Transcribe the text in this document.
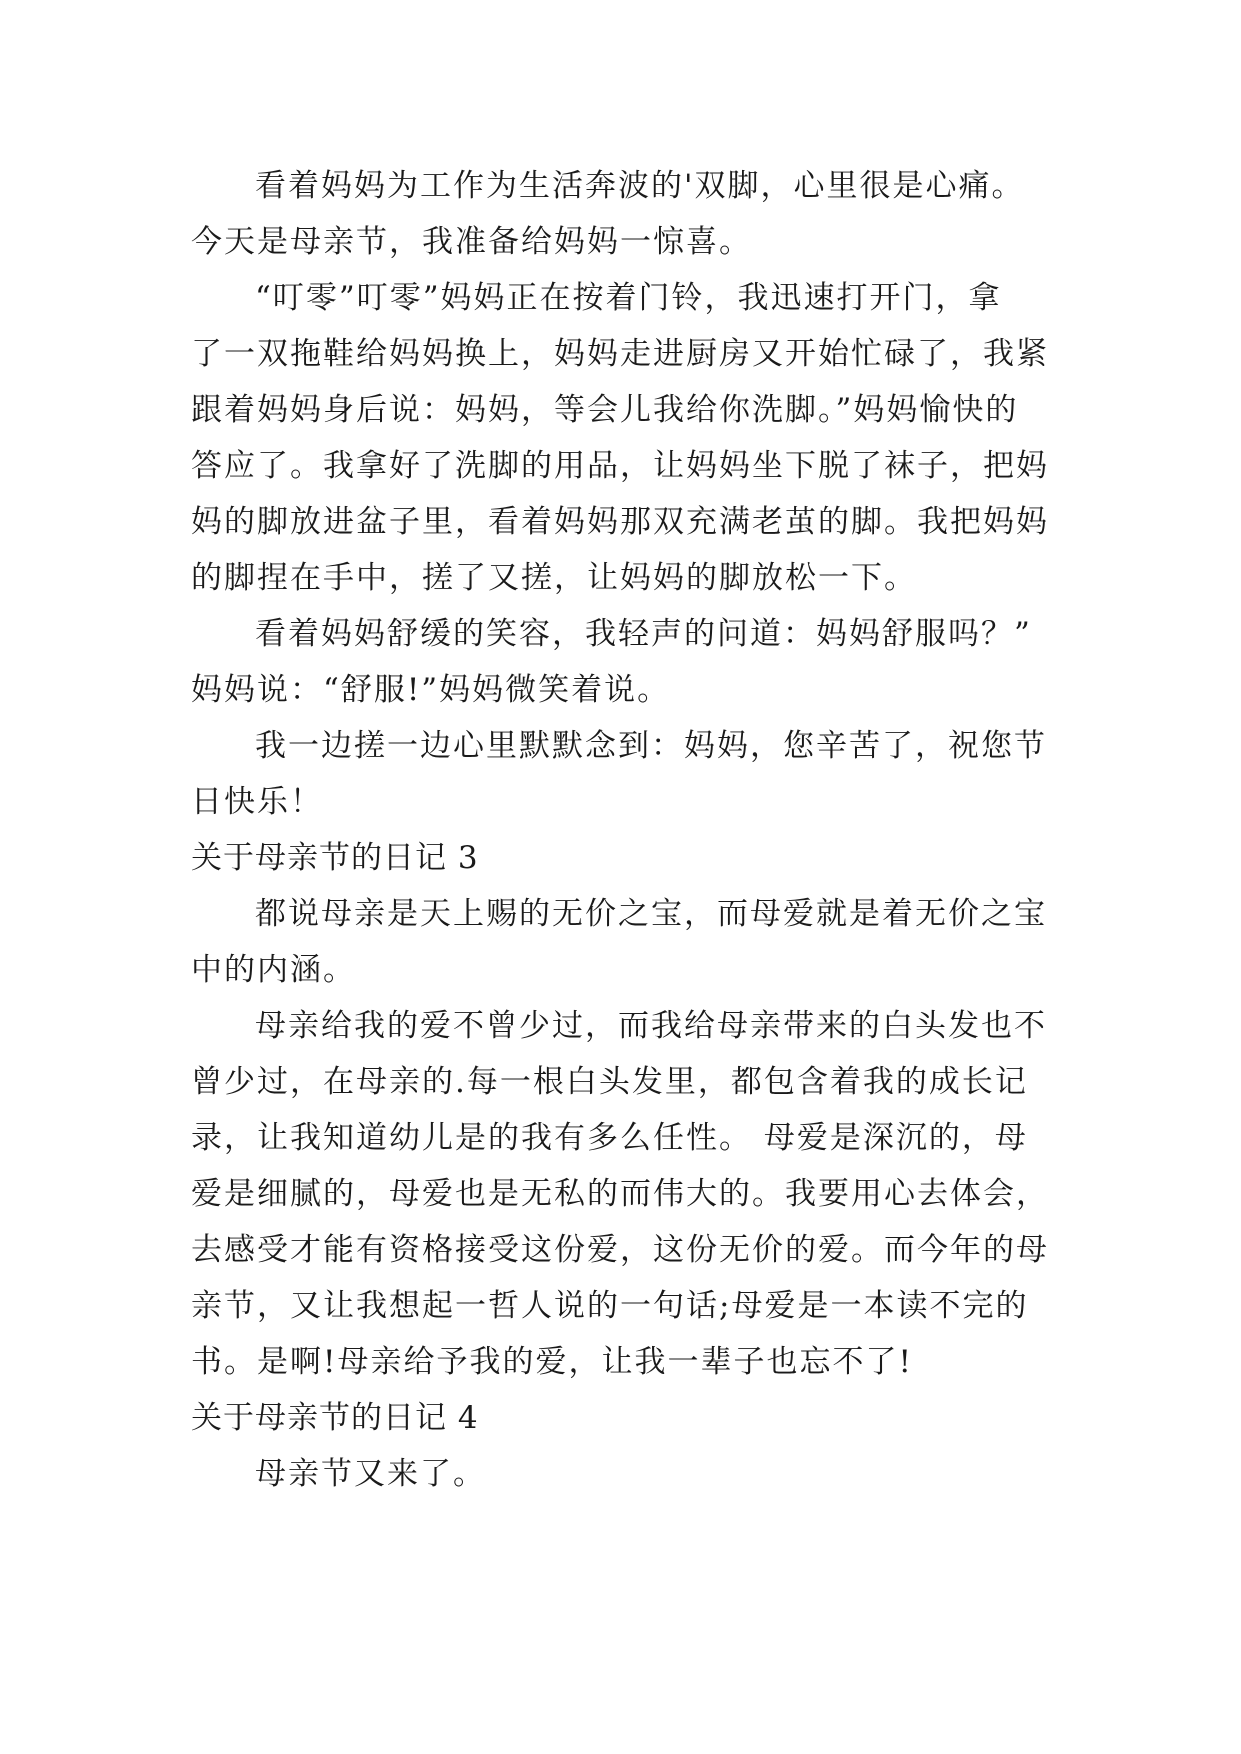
看着妈妈为工作为生活奔波的'双脚，心里很是心痛。
今天是母亲节，我准备给妈妈一惊喜。
“叮零”叮零”妈妈正在按着门铃，我迅速打开门，拿
了一双拖鞋给妈妈换上，妈妈走进厨房又开始忙碌了，我紧
跟着妈妈身后说：妈妈，等会儿我给你洗脚。”妈妈愉快的
答应了。我拿好了洗脚的用品，让妈妈坐下脱了袜子，把妈
妈的脚放进盆子里，看着妈妈那双充满老茧的脚。我把妈妈
的脚捏在手中，搓了又搓，让妈妈的脚放松一下。
看着妈妈舒缓的笑容，我轻声的问道：妈妈舒服吗？”
妈妈说：“舒服!”妈妈微笑着说。
我一边搓一边心里默默念到：妈妈，您辛苦了，祝您节
日快乐！
关于母亲节的日记 3
都说母亲是天上赐的无价之宝，而母爱就是着无价之宝
中的内涵。
母亲给我的爱不曾少过，而我给母亲带来的白头发也不
曾少过，在母亲的.每一根白头发里，都包含着我的成长记
录，让我知道幼儿是的我有多么任性。 母爱是深沉的，母
爱是细腻的，母爱也是无私的而伟大的。我要用心去体会，
去感受才能有资格接受这份爱，这份无价的爱。而今年的母
亲节，又让我想起一哲人说的一句话;母爱是一本读不完的
书。是啊!母亲给予我的爱，让我一辈子也忘不了!
关于母亲节的日记 4
母亲节又来了。
